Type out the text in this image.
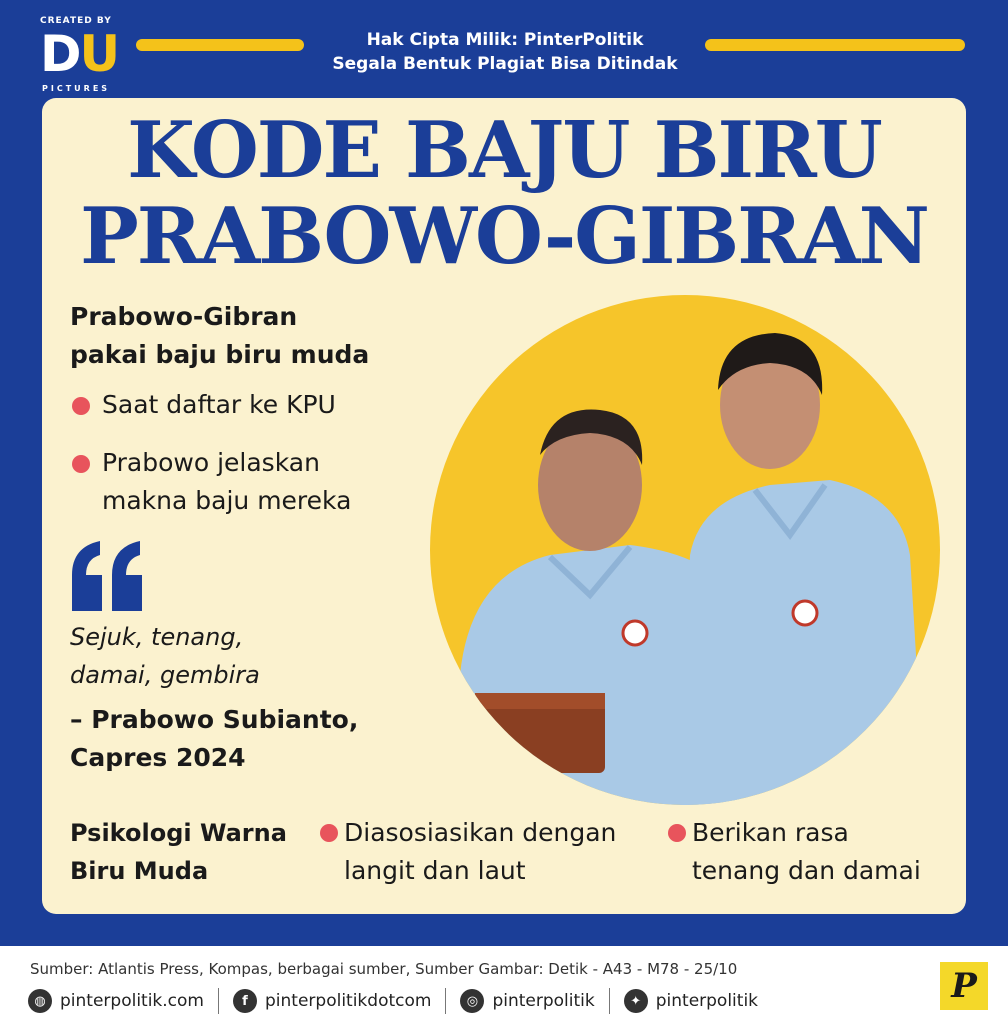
CREATED BY
DU
PICTURES
Hak Cipta Milik: PinterPolitik
Segala Bentuk Plagiat Bisa Ditindak
KODE BAJU BIRU
PRABOWO-GIBRAN
Prabowo-Gibran
pakai baju biru muda
Saat daftar ke KPU
Prabowo jelaskan
makna baju mereka
Sejuk, tenang,
damai, gembira
– Prabowo Subianto,
Capres 2024
Psikologi Warna
Biru Muda
Diasosiasikan dengan
langit dan laut
Berikan rasa
tenang dan damai
Sumber: Atlantis Press, Kompas, berbagai sumber, Sumber Gambar: Detik - A43 - M78 - 25/10
◍ pinterpolitik.com	f	pinterpolitikdotcom	◎ pinterpolitik	✦ pinterpolitik	P
